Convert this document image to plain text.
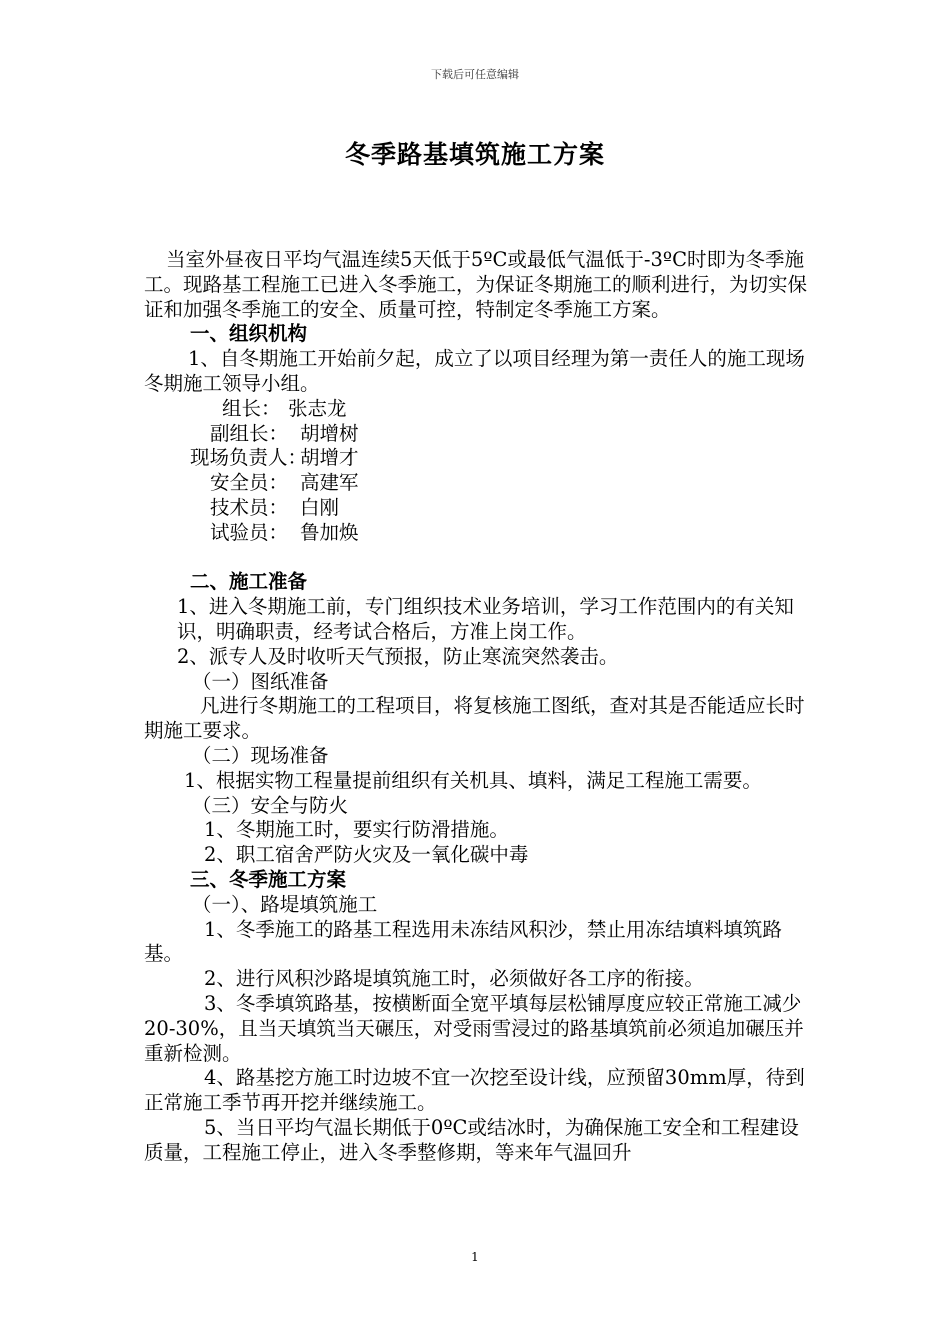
下载后可任意编辑
冬季路基填筑施工方案

当室外昼夜日平均气温连续5天低于5ºC或最低气温低于-3ºC时即为冬季施工。现路基工程施工已进入冬季施工，为保证冬期施工的顺利进行，为切实保证和加强冬季施工的安全、质量可控，特制定冬季施工方案。

一、组织机构

1、自冬期施工开始前夕起，成立了以项目经理为第一责任人的施工现场冬期施工领导小组。

组长： 张志龙
副组长： 胡增树
现场负责人：
胡增才
安全员： 高建军
技术员： 白刚
试验员： 鲁加焕

二、施工准备

1、进入冬期施工前，专门组织技术业务培训，学习工作范围内的有关知识，明确职责，经考试合格后，方准上岗工作。

2、派专人及时收听天气预报，防止寒流突然袭击。

（一）图纸准备

凡进行冬期施工的工程项目，将复核施工图纸，查对其是否能适应长时期施工要求。

（二）现场准备

1、根据实物工程量提前组织有关机具、填料，满足工程施工需要。

（三）安全与防火

1、冬期施工时，要实行防滑措施。

2、职工宿舍严防火灾及一氧化碳中毒

三、冬季施工方案

（一）、路堤填筑施工

1、冬季施工的路基工程选用未冻结风积沙，禁止用冻结填料填筑路基。

2、进行风积沙路堤填筑施工时，必须做好各工序的衔接。

3、冬季填筑路基，按横断面全宽平填每层松铺厚度应较正常施工减少20-30%，且当天填筑当天碾压，对受雨雪浸过的路基填筑前必须追加碾压并重新检测。

4、路基挖方施工时边坡不宜一次挖至设计线，应预留30mm厚，待到正常施工季节再开挖并继续施工。

5、当日平均气温长期低于0ºC或结冰时，为确保施工安全和工程建设质量，工程施工停止，进入冬季整修期，等来年气温回升

1
